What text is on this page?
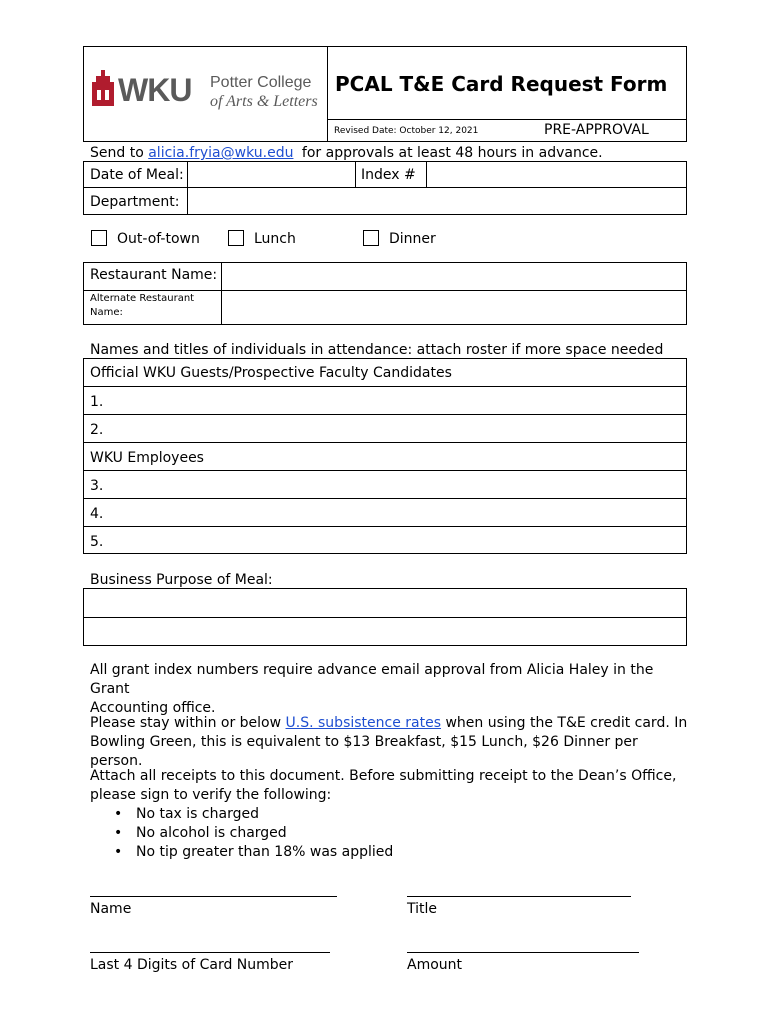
WKU Potter College
of Arts & Letters
PCAL T&E Card Request Form
Revised Date: October 12, 2021	PRE-APPROVAL
Send to alicia.fryia@wku.edu for approvals at least 48 hours in advance.
Date of Meal:	Index #
Department:
Out-of-town	Lunch	Dinner
Restaurant Name:
Alternate Restaurant
Name:
Names and titles of individuals in attendance: attach roster if more space needed
Official WKU Guests/Prospective Faculty Candidates
1.
2.
WKU Employees
3.
4.
5.
Business Purpose of Meal:
All grant index numbers require advance email approval from Alicia Haley in the Grant
Accounting office.
Please stay within or below U.S. subsistence rates when using the T&E credit card. In
Bowling Green, this is equivalent to $13 Breakfast, $15 Lunch, $26 Dinner per person.
Attach all receipts to this document. Before submitting receipt to the Dean’s Office,
please sign to verify the following:
• No tax is charged
• No alcohol is charged
• No tip greater than 18% was applied
Name	Title
Last 4 Digits of Card Number	Amount
